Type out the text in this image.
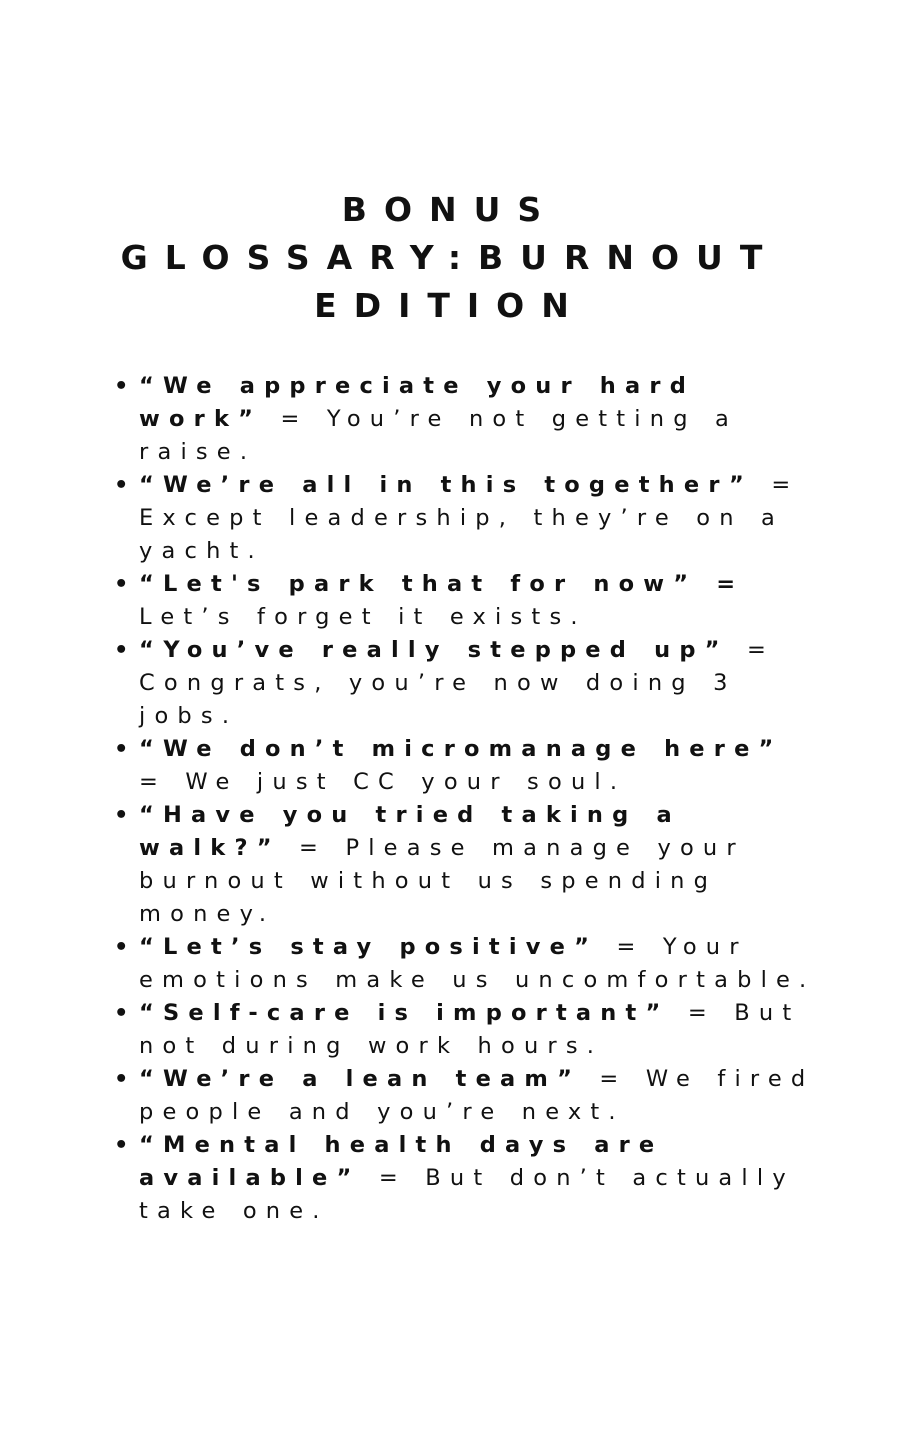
BONUS
GLOSSARY:BURNOUT
EDITION
• “We appreciate your hard work” = You’re not getting a raise.
• “We’re all in this together” = Except leadership, they’re on a yacht.
• “Let's park that for now” = Let’s forget it exists.
• “You’ve really stepped up” = Congrats, you’re now doing 3 jobs.
• “We don’t micromanage here” = We just CC your soul.
• “Have you tried taking a walk?” = Please manage your burnout without us spending money.
• “Let’s stay positive” = Your emotions make us uncomfortable.
• “Self-care is important” = But not during work hours.
• “We’re a lean team” = We fired people and you’re next.
• “Mental health days are available” = But don’t actually take one.
